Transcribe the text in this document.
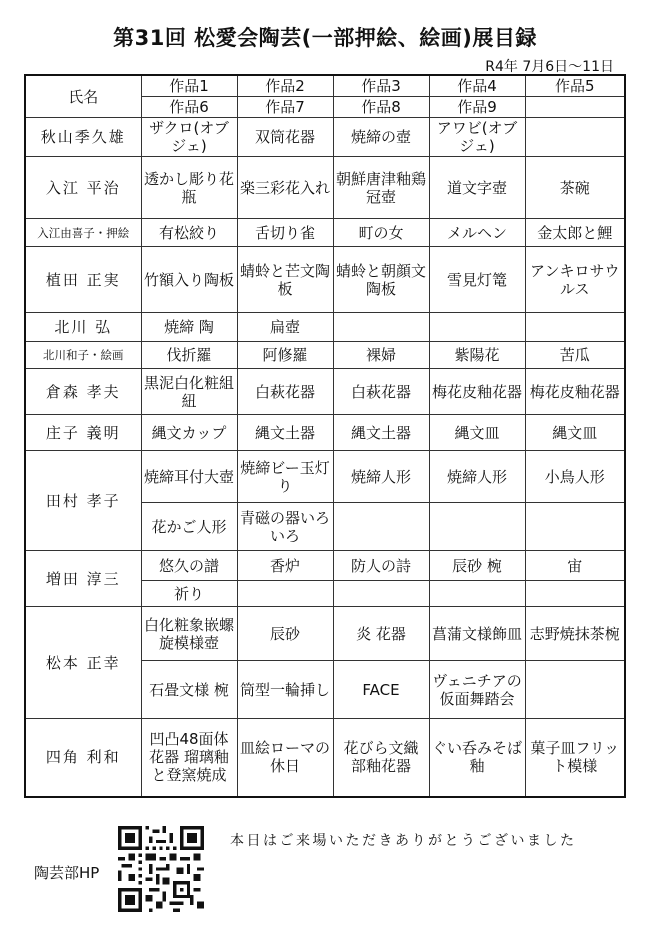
第31回 松愛会陶芸(一部押絵、絵画)展目録
R4年 7月6日〜11日
氏名	作品1	作品2	作品3	作品4	作品5
	作品6	作品7	作品8	作品9	
秋山季久雄	ザクロ(オブジェ)	双筒花器	焼締の壺	アワビ(オブジェ)	
入江 平治	透かし彫り花瓶	楽三彩花入れ	朝鮮唐津釉鶏冠壺	道文字壺	茶碗
入江由喜子・押絵	有松絞り	舌切り雀	町の女	メルヘン	金太郎と鯉
植田 正実	竹額入り陶板	蜻蛉と芒文陶板	蜻蛉と朝顔文陶板	雪見灯篭	アンキロサウルス
北川 弘	焼締 陶	扁壺			
北川和子・絵画	伐折羅	阿修羅	裸婦	紫陽花	苦瓜
倉森 孝夫	黒泥白化粧組紐	白萩花器	白萩花器	梅花皮釉花器	梅花皮釉花器
庄子 義明	縄文カップ	縄文土器	縄文土器	縄文皿	縄文皿
田村 孝子	焼締耳付大壺	焼締ビー玉灯り	焼締人形	焼締人形	小鳥人形
	花かご人形	青磁の器いろいろ			
増田 淳三	悠久の譜	香炉	防人の詩	辰砂 椀	宙
	祈り				
松本 正幸	白化粧象嵌螺旋模様壺	辰砂	炎 花器	菖蒲文様飾皿	志野焼抹茶椀
	石畳文様 椀	筒型一輪挿し	FACE	ヴェニチアの仮面舞踏会	
四角 利和	凹凸48面体花器 瑠璃釉と登窯焼成	皿絵ローマの休日	花びら文織 部釉花器	ぐい呑みそば釉	菓子皿フリット模様
陶芸部HP
本日はご来場いただきありがとうございました
